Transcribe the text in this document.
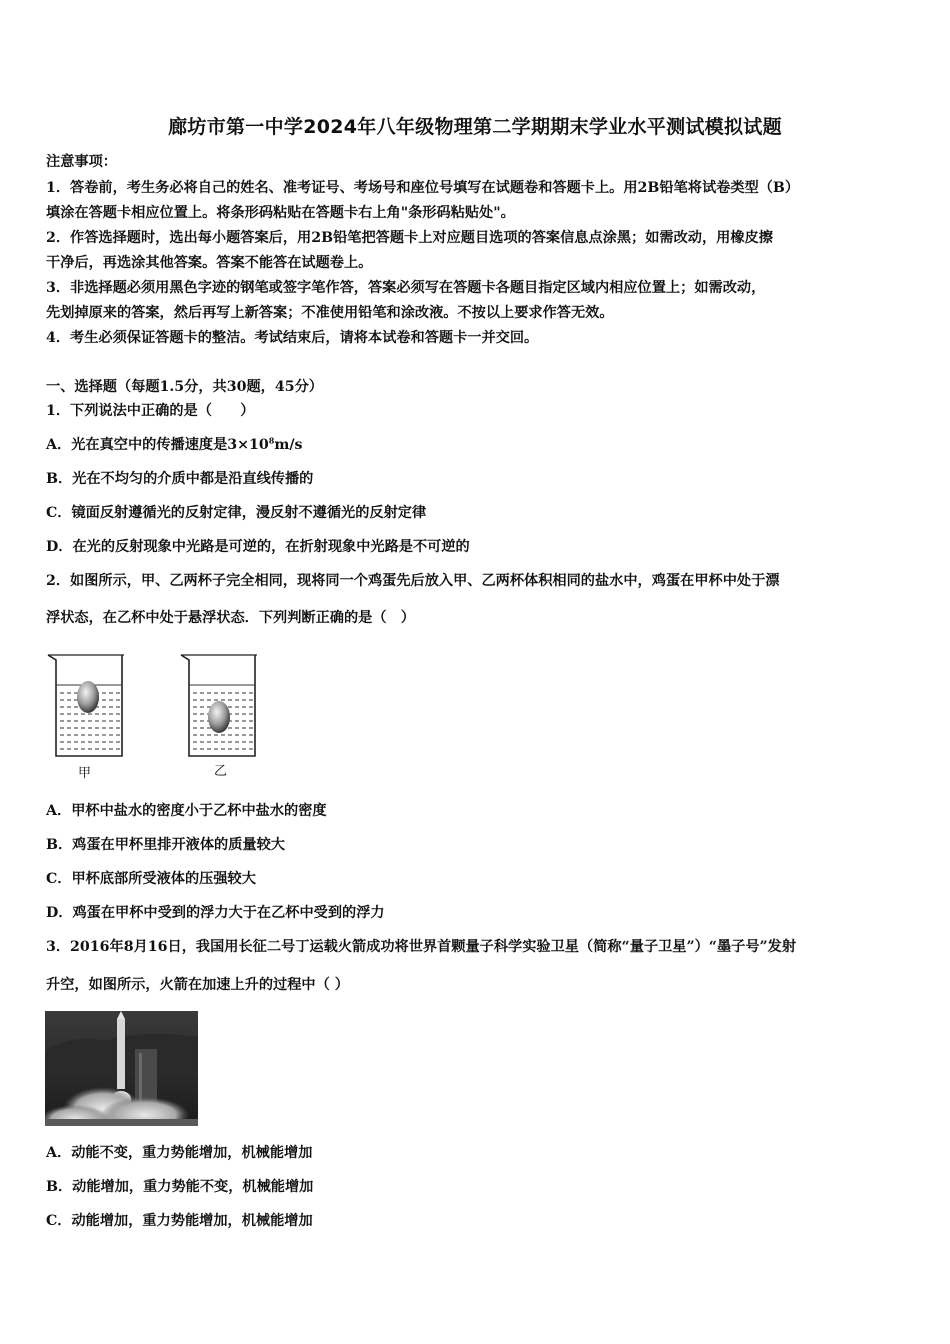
廊坊市第一中学2024年八年级物理第二学期期末学业水平测试模拟试题
注意事项：
1．答卷前，考生务必将自己的姓名、准考证号、考场号和座位号填写在试题卷和答题卡上。用2B铅笔将试卷类型（B）
填涂在答题卡相应位置上。将条形码粘贴在答题卡右上角"条形码粘贴处"。
2．作答选择题时，选出每小题答案后，用2B铅笔把答题卡上对应题目选项的答案信息点涂黑；如需改动，用橡皮擦
干净后，再选涂其他答案。答案不能答在试题卷上。
3．非选择题必须用黑色字迹的钢笔或签字笔作答，答案必须写在答题卡各题目指定区域内相应位置上；如需改动，
先划掉原来的答案，然后再写上新答案；不准使用铅笔和涂改液。不按以上要求作答无效。
4．考生必须保证答题卡的整洁。考试结束后，请将本试卷和答题卡一并交回。
一、选择题（每题1.5分，共30题，45分）
1．下列说法中正确的是（　　）
A．光在真空中的传播速度是$3\times 10^8m/s$
B．光在不均匀的介质中都是沿直线传播的
C．镜面反射遵循光的反射定律，漫反射不遵循光的反射定律
D．在光的反射现象中光路是可逆的，在折射现象中光路是不可逆的
2．如图所示，甲、乙两杯子完全相同，现将同一个鸡蛋先后放入甲、乙两杯体积相同的盐水中，鸡蛋在甲杯中处于漂
浮状态，在乙杯中处于悬浮状态．下列判断正确的是（　）
甲	乙
A．甲杯中盐水的密度小于乙杯中盐水的密度
B．鸡蛋在甲杯里排开液体的质量较大
C．甲杯底部所受液体的压强较大
D．鸡蛋在甲杯中受到的浮力大于在乙杯中受到的浮力
3．2016年8月16日，我国用长征二号丁运载火箭成功将世界首颗量子科学实验卫星（简称“量子卫星”）“墨子号”发射
升空，如图所示，火箭在加速上升的过程中（ ）
A．动能不变，重力势能增加，机械能增加
B．动能增加，重力势能不变，机械能增加
C．动能增加，重力势能增加，机械能增加
